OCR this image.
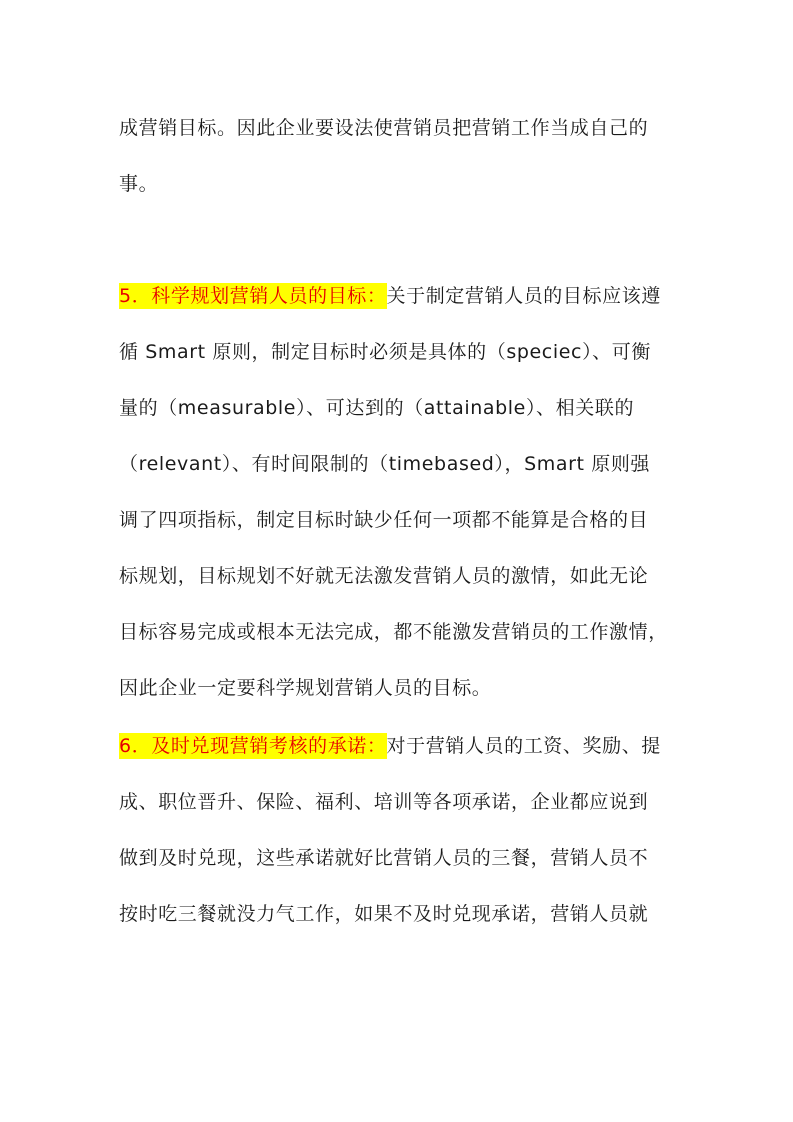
成营销目标。因此企业要设法使营销员把营销工作当成自己的
事。
5．科学规划营销人员的目标：关于制定营销人员的目标应该遵
循 Smart 原则，制定目标时必须是具体的（speciec）、可衡
量的（measurable）、可达到的（attainable）、相关联的
（relevant）、有时间限制的（timebased），Smart 原则强
调了四项指标，制定目标时缺少任何一项都不能算是合格的目
标规划，目标规划不好就无法激发营销人员的激情，如此无论
目标容易完成或根本无法完成，都不能激发营销员的工作激情，
因此企业一定要科学规划营销人员的目标。
6．及时兑现营销考核的承诺：对于营销人员的工资、奖励、提
成、职位晋升、保险、福利、培训等各项承诺，企业都应说到
做到及时兑现，这些承诺就好比营销人员的三餐，营销人员不
按时吃三餐就没力气工作，如果不及时兑现承诺，营销人员就
